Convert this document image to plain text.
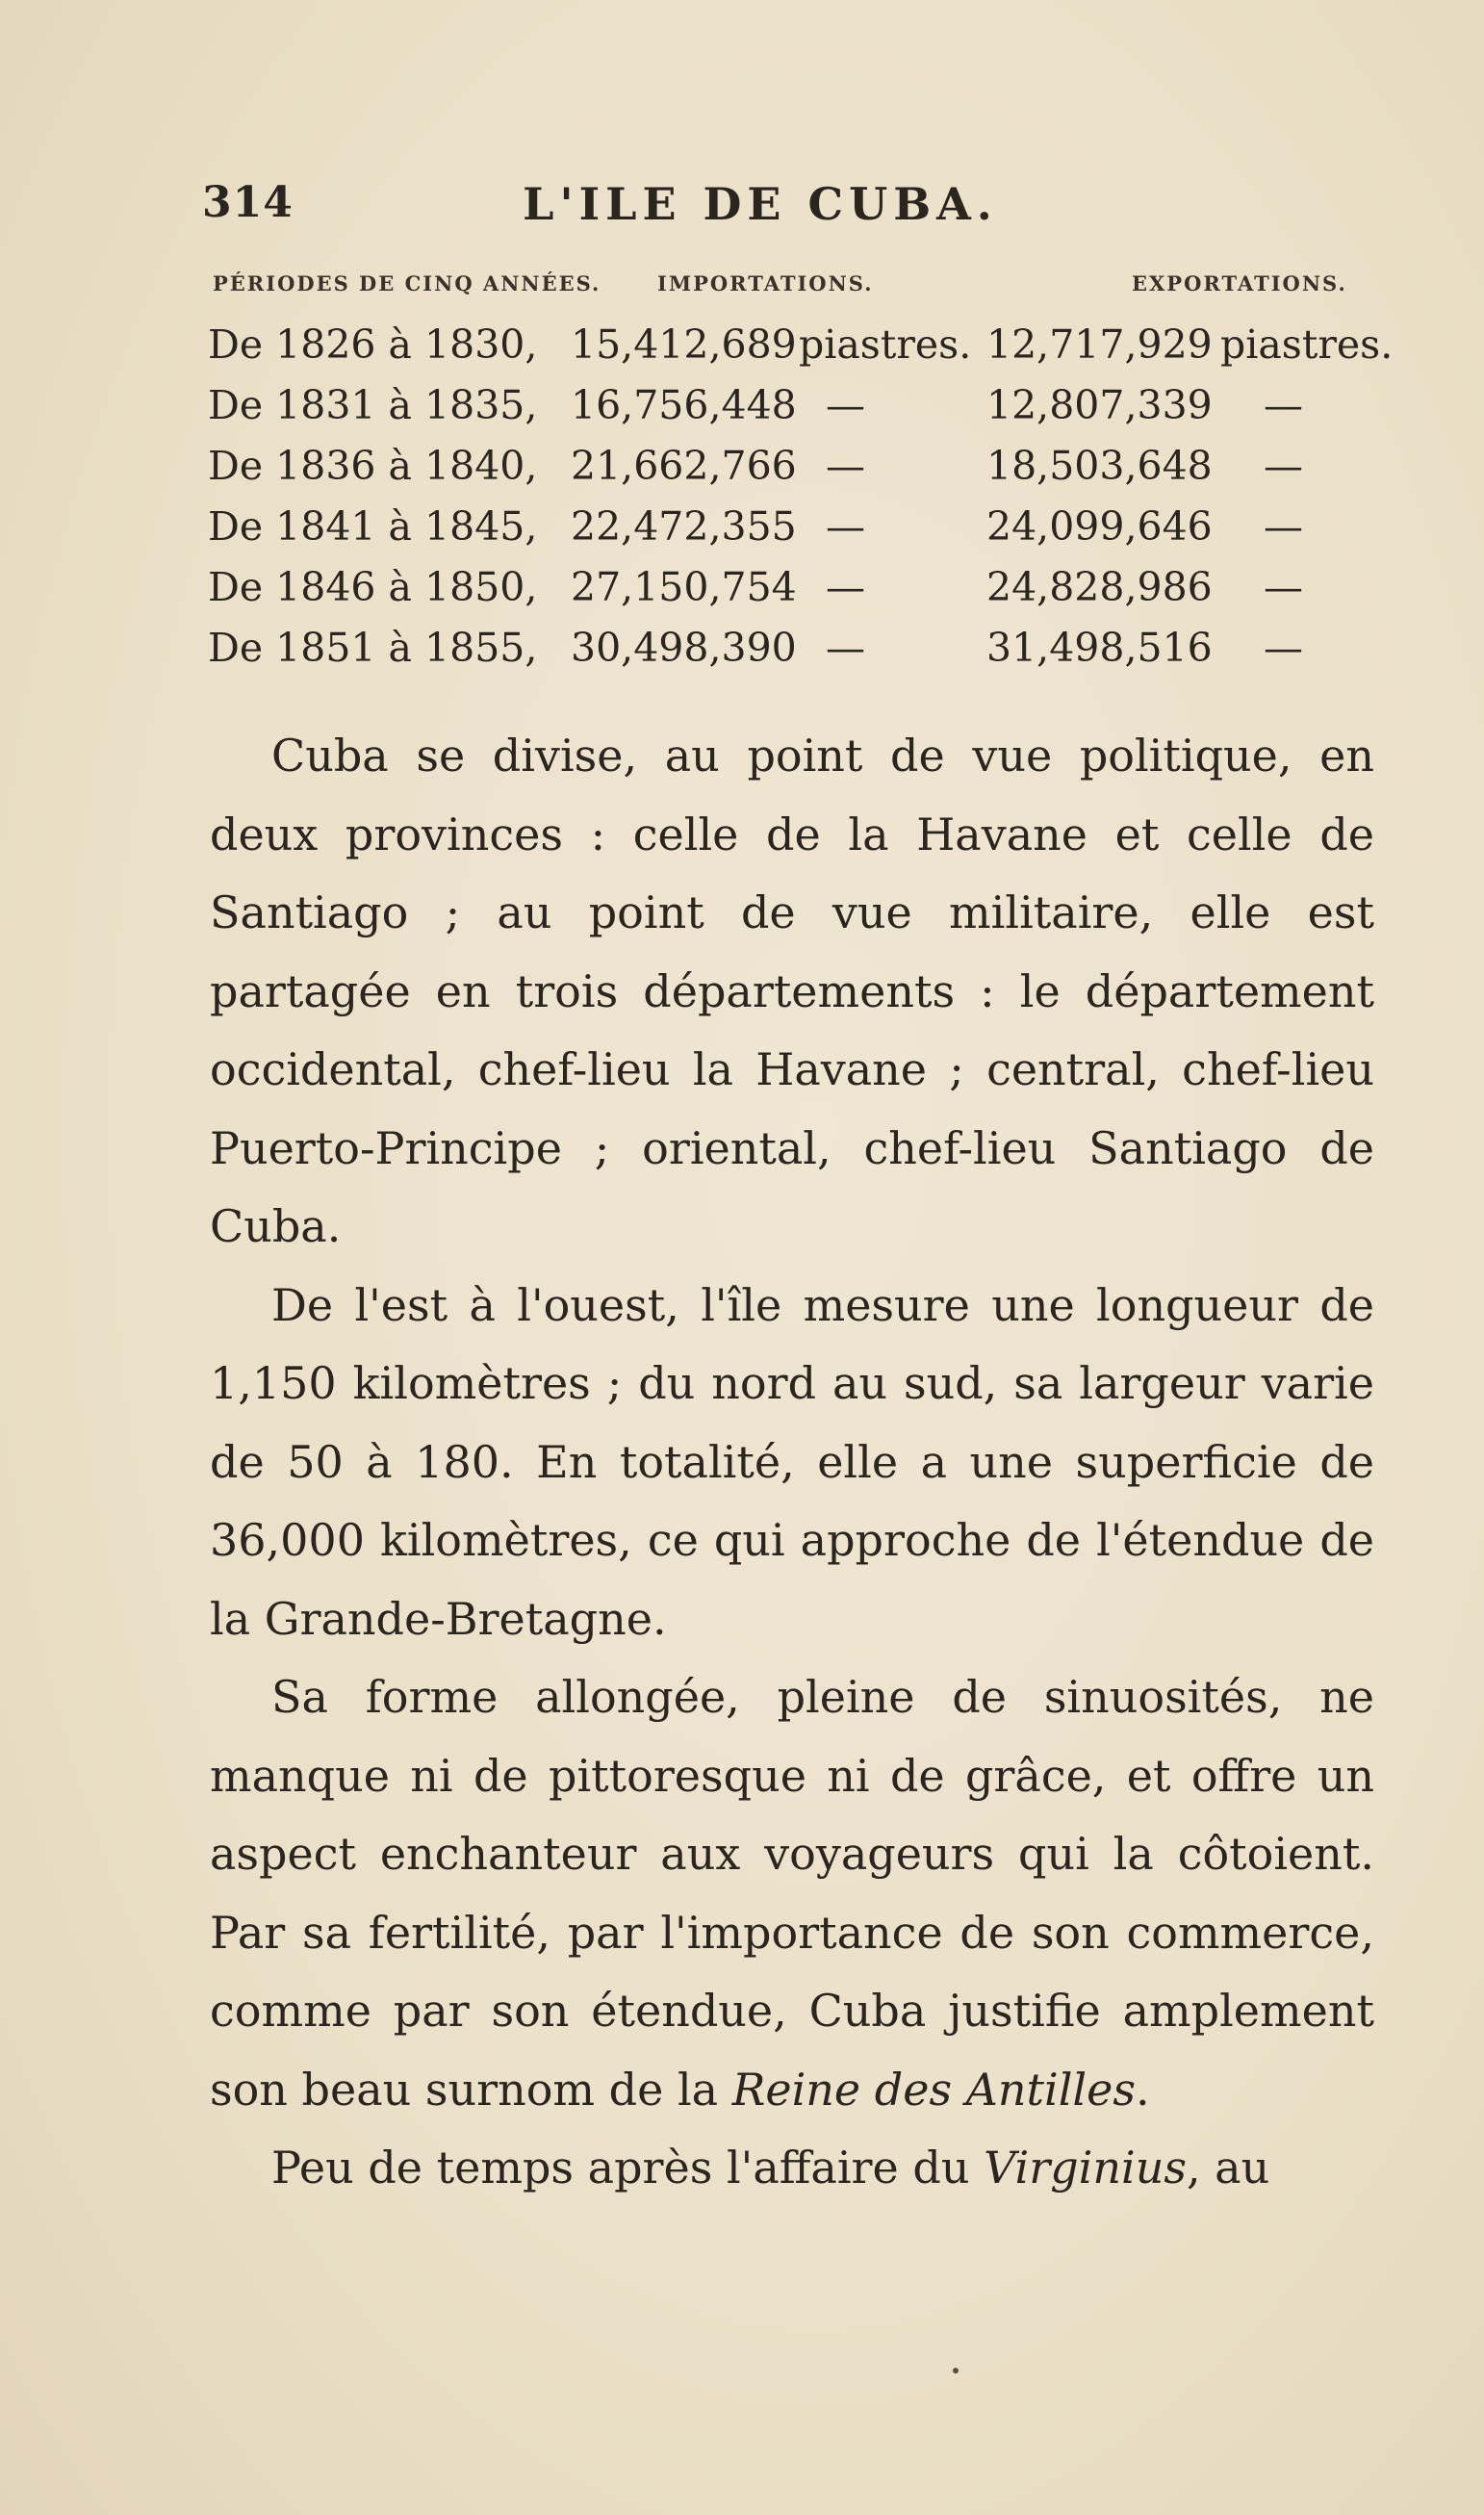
314	L'ILE DE CUBA.
PÉRIODES DE CINQ ANNÉES.	IMPORTATIONS.	EXPORTATIONS.
De 1826 à 1830, 15,412,689 piastres. 12,717,929 piastres.
De 1831 à 1835, 16,756,448 —	12,807,339 —
De 1836 à 1840, 21,662,766 —	18,503,648 —
De 1841 à 1845, 22,472,355 —	24,099,646 —
De 1846 à 1850, 27,150,754 —	24,828,986 —
De 1851 à 1855, 30,498,390 —	31,498,516 —

Cuba se divise, au point de vue politique, en deux provinces : celle de la Havane et celle de Santiago ; au point de vue militaire, elle est partagée en trois départements : le département occidental, chef-lieu la Havane ; central, chef-lieu Puerto-Principe ; oriental, chef-lieu Santiago de Cuba.

De l'est à l'ouest, l'île mesure une longueur de 1,150 kilomètres ; du nord au sud, sa largeur varie de 50 à 180. En totalité, elle a une superficie de 36,000 kilomètres, ce qui approche de l'étendue de la Grande-Bretagne.

Sa forme allongée, pleine de sinuosités, ne manque ni de pittoresque ni de grâce, et offre un aspect enchanteur aux voyageurs qui la côtoient. Par sa fertilité, par l'importance de son commerce, comme par son étendue, Cuba justifie amplement son beau surnom de la Reine des Antilles.

Peu de temps après l'affaire du Virginius, au
